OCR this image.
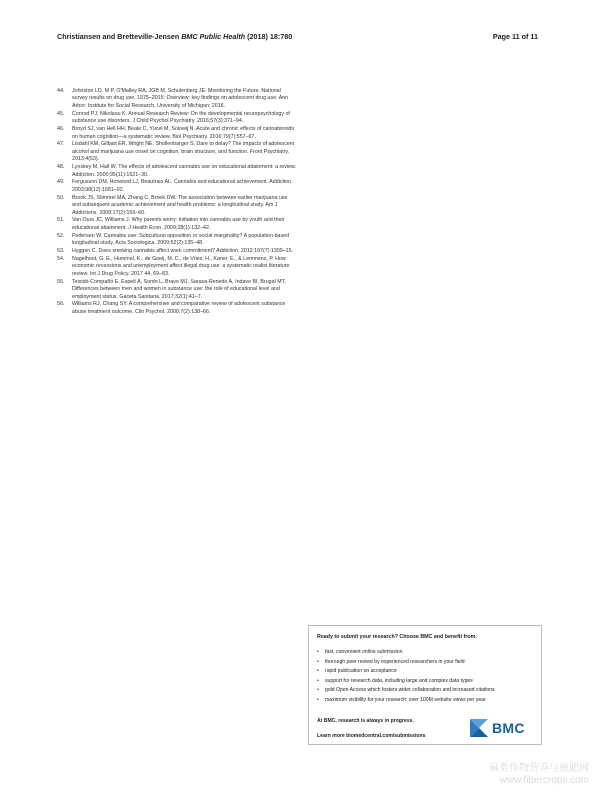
Christiansen and Bretteville-Jensen BMC Public Health (2018) 18:780	Page 11 of 11
44. Johnston LD, M P, O'Malley RA, JGB M, Schulenberg JE. Monitoring the Future: National survey results on drug use, 1975–2015: Overview: key findings on adolescent drug use. Ann Arbor: Institute for Social Research, University of Michigan; 2016.
45. Conrod PJ, Nikolaou K. Annual Research Review: On the developmental neuropsychology of substance use disorders. J Child Psychol Psychiatry. 2016;57(3):371–94.
46. Broyd SJ, van Hell HH, Beale C, Yücel M, Solowij N. Acute and chronic effects of cannabinoids on human cognition—a systematic review. Biol Psychiatry. 2016;79(7):557–67.
47. Lisdahl KM, Gilbart ER, Wright NE, Shollenbarger S. Dare to delay? The impacts of adolescent alcohol and marijuana use onset on cognition, brain structure, and function. Front Psychiatry. 2013;4(53).
48. Lynskey M, Hall W. The effects of adolescent cannabis use on educational attainment: a review. Addiction. 2000;95(11):1621–30.
49. Fergusson DM, Horwood LJ, Beautrais AL. Cannabis and educational achievement. Addiction. 2003;98(12):1681–92.
50. Brook JS, Stimmel MA, Zhang C, Brook DW. The association between earlier marijuana use and subsequent academic achievement and health problems: a longitudinal study. Am J Addictions. 2008;17(2):155–60.
51. Van Ours JC, Williams J. Why parents worry: initiation into cannabis use by youth and their educational attainment. J Health Econ. 2009;28(1):132–42.
52. Pedersen W. Cannabis use: Subcultural opposition or social marginality? A population-based longitudinal study. Acta Sociologica. 2009;52(2):135–48.
53. Hyggen C. Does smoking cannabis affect work commitment? Addiction. 2012;107(7):1309–15.
54. Nagelhout, G. E., Hummel, K., de Goeij, M. C., de Vries, H., Kaner, E., & Lemmens, P. How economic recessions and unemployment affect illegal drug use: a systematic realist literature review. Int J Drug Policy. 2017 44, 69–83.
55. Teixidó-Compañó E, Espelt A, Sordo L, Bravo MJ, Sarasa-Renedo A, Indave BI, Brugal MT. Differences between men and women in substance use: the role of educational level and employment status. Gaceta Sanitaria. 2017;32(1):41–7.
56. Williams RJ, Chang SY. A comprehensive and comparative review of adolescent substance abuse treatment outcome. Clin Psychol. 2000;7(2):138–66.
Ready to submit your research? Choose BMC and benefit from:
• fast, convenient online submission
• thorough peer review by experienced researchers in your field
• rapid publication on acceptance
• support for research data, including large and complex data types
• gold Open Access which fosters wider collaboration and increased citations
• maximum visibility for your research: over 100M website views per year
At BMC, research is always in progress.
Learn more biomedcentral.com/submissions	BMC
麻类作物营养与施肥网
www.fibercrops.com
